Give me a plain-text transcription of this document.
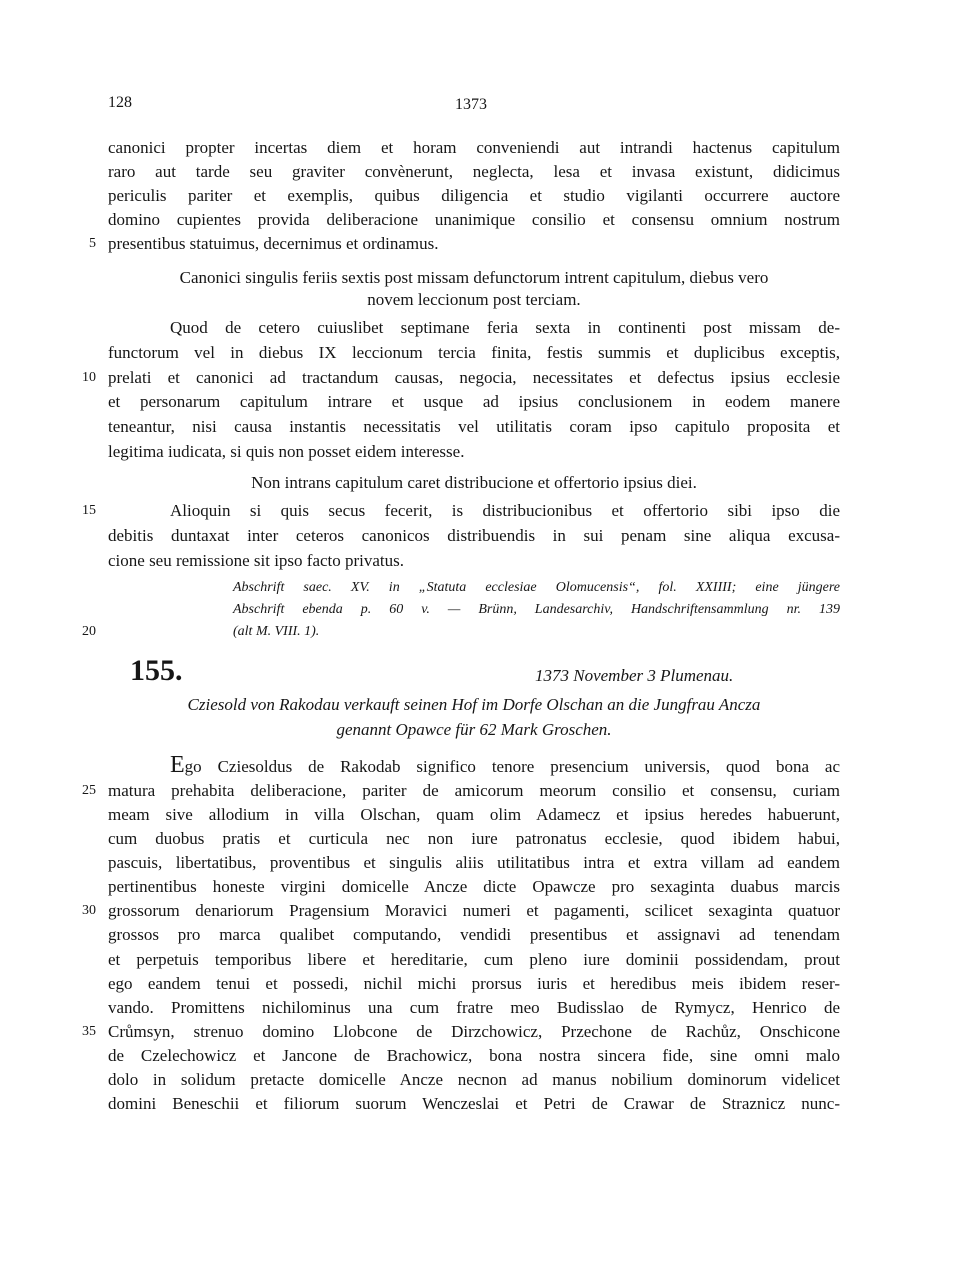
128	1373
canonici propter incertas diem et horam conveniendi aut intrandi hactenus capitulum
raro aut tarde seu graviter convènerunt, neglecta, lesa et invasa existunt, didicimus
periculis pariter et exemplis, quibus diligencia et studio vigilanti occurrere auctore
domino cupientes provida deliberacione unanimique consilio et consensu omnium nostrum
5 presentibus statuimus, decernimus et ordinamus.
Canonici singulis feriis sextis post missam defunctorum intrent capitulum, diebus vero
novem leccionum post terciam.
Quod de cetero cuiuslibet septimane feria sexta in continenti post missam de-
functorum vel in diebus IX leccionum tercia finita, festis summis et duplicibus exceptis,
10 prelati et canonici ad tractandum causas, negocia, necessitates et defectus ipsius ecclesie
et personarum capitulum intrare et usque ad ipsius conclusionem in eodem manere
teneantur, nisi causa instantis necessitatis vel utilitatis coram ipso capitulo proposita et
legitima iudicata, si quis non posset eidem interesse.
Non intrans capitulum caret distribucione et offertorio ipsius diei.
15	Alioquin si quis secus fecerit, is distribucionibus et offertorio sibi ipso die
debitis duntaxat inter ceteros canonicos distribuendis in sui penam sine aliqua excusa-
cione seu remissione sit ipso facto privatus.
Abschrift saec. XV. in „Statuta ecclesiae Olomucensis“, fol. XXIIII; eine jüngere
Abschrift ebenda p. 60 v. — Brünn, Landesarchiv, Handschriftensammlung nr. 139
20	(alt M. VIII. 1).
155.	1373 November 3 Plumenau.
Cziesold von Rakodau verkauft seinen Hof im Dorfe Olschan an die Jungfrau Ancza
genannt Opawce für 62 Mark Groschen.
Ego Cziesoldus de Rakodab significo tenore presencium universis, quod bona ac
25 matura prehabita deliberacione, pariter de amicorum meorum consilio et consensu, curiam
meam sive allodium in villa Olschan, quam olim Adamecz et ipsius heredes habuerunt,
cum duobus pratis et curticula nec non iure patronatus ecclesie, quod ibidem habui,
pascuis, libertatibus, proventibus et singulis aliis utilitatibus intra et extra villam ad eandem
pertinentibus honeste virgini domicelle Ancze dicte Opawcze pro sexaginta duabus marcis
30 grossorum denariorum Pragensium Moravici numeri et pagamenti, scilicet sexaginta quatuor
grossos pro marca qualibet computando, vendidi presentibus et assignavi ad tenendam
et perpetuis temporibus libere et hereditarie, cum pleno iure dominii possidendam, prout
ego eandem tenui et possedi, nichil michi prorsus iuris et heredibus meis ibidem reser-
vando. Promittens nichilominus una cum fratre meo Budisslao de Rymycz, Henrico de
35 Crůmsyn, strenuo domino Llobcone de Dirzchowicz, Przechone de Rachůz, Onschicone
de Czelechowicz et Jancone de Brachowicz, bona nostra sincera fide, sine omni malo
dolo in solidum pretacte domicelle Ancze necnon ad manus nobilium dominorum videlicet
domini Beneschii et filiorum suorum Wenczeslai et Petri de Crawar de Straznicz nunc-
